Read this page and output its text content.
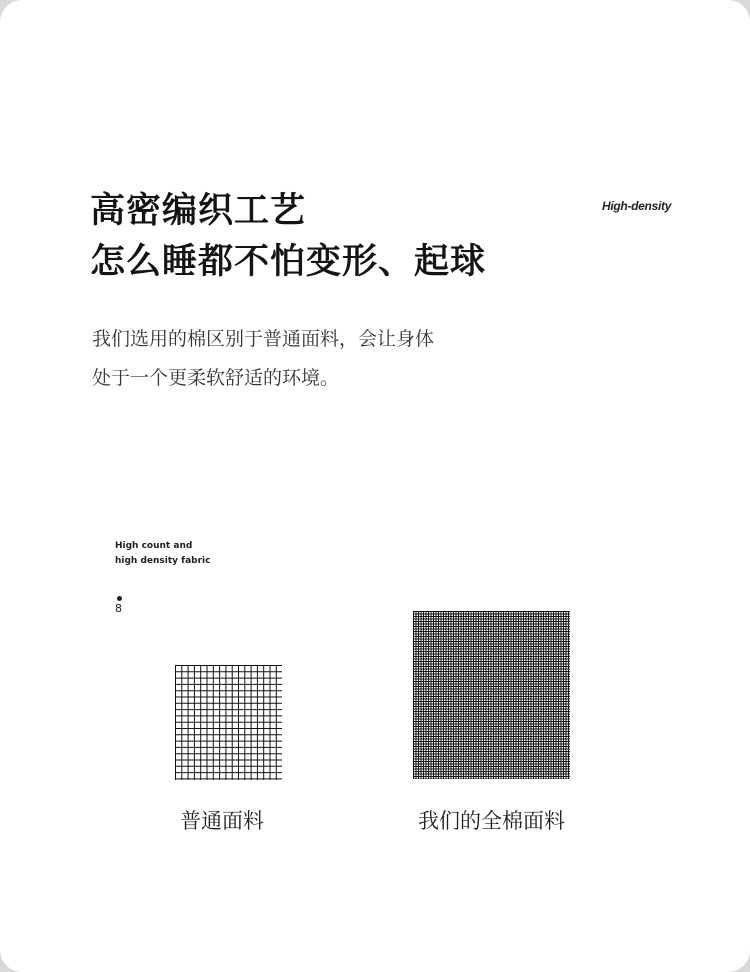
高密编织工艺
怎么睡都不怕变形、起球
High-density

我们选用的棉区别于普通面料，会让身体
处于一个更柔软舒适的环境。

High count and
high density fabric
8
普通面料	我们的全棉面料
